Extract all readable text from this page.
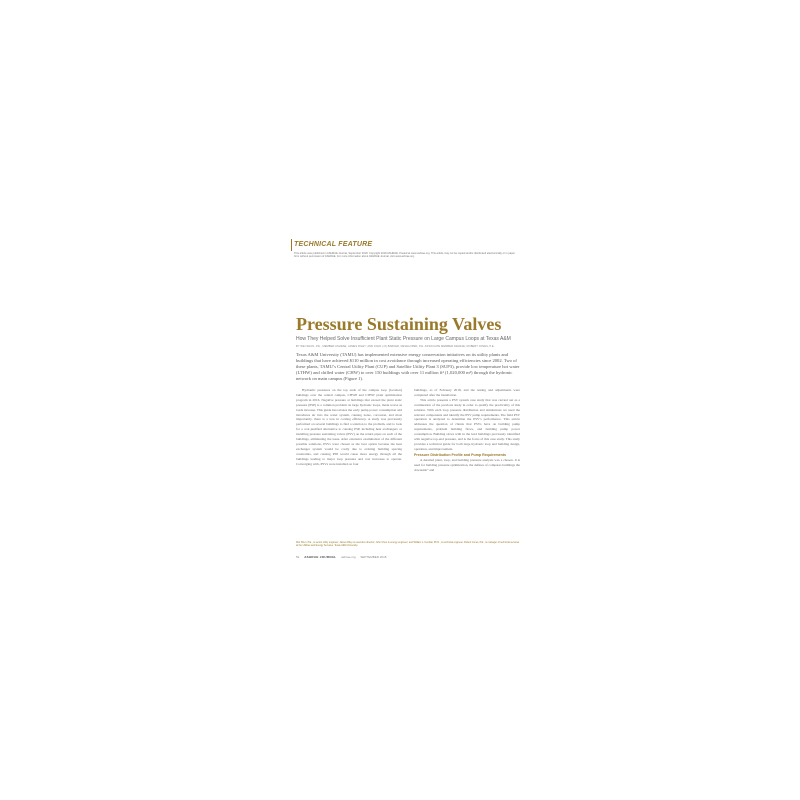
TECHNICAL FEATURE
This article was published in ASHRAE Journal, September 2018. Copyright 2018 ASHRAE. Posted at www.ashrae.org. This article may not be copied and/or distributed electronically or in paper form without permission of ASHRAE. For more information about ASHRAE Journal, visit www.ashrae.org.
Pressure Sustaining Valves
How They Helped Solve Insufficient Plant Static Pressure on Large Campus Loops at Texas A&M
BY WEI SHUN, P.E., MEMBER ASHRAE; JAMES RILEY; AND JOHN (JJ) BARKER, DEVELOPED, P.E. ASSOCIATE MEMBER ASHRAE; ROBERT JONES, P.E.
Texas A&M University (TAMU) has implemented extensive energy conservation initiatives on its utility plants and buildings that have achieved $110 million in cost avoidance through increased operating efficiencies since 2002. Two of these plants, TAMU’s Central Utility Plant (CUP) and Satellite Utility Plant 3 (SUP3), provide low temperature hot water (LTHW) and chilled water (CHW) to over 150 buildings with over 11 million ft² (1,020,000 m²) through the hydronic network on main campus (Figure 1).

Hydraulic pressures on the top ends of the campus loop (location) buildings over the central campus, CHWP and LTHW plant optimization program in 2016. Negative pressure at buildings that exceed the plant static pressure (PSP) is a common problem on large hydronic loops, made worse as loads increase. This guide has relaxes the early pump power consumption and introduces air into the water system, causing noise, corrosion, and most importantly, there is a loss in cooling efficiency. A study was previously performed on several buildings to find a solution to the problem, and to look for a cost-justified alternative to causing PSP, including heat exchangers or installing pressure sustaining valves (PSV) on the return pipes on each of the buildings, eliminating the issue. After extensive examination of the different possible solutions, PSVs were chosen as the best option because the heat exchanger system would be costly due to existing building spacing constraints, and causing PSP would cause more energy through all the buildings leading to major loop pressure and cost increases to operate. Converging with, PSVs were installed on four

buildings, as of February 2018, and the testing and adjustments were completed after the installation.

This article presents a PSV system case study that was carried out as a continuation of the previous study in order to qualify the practicality of this solution. With each loop pressure distribution and simulations we used the relevant components and identify the PSV pump requirements. The field PSV operation is analyzed to determine the PSV’s performance. This article addresses the question of clients that PSVs have on building pump requirements, problem building flows, and building pump power consumption. Building slows with in the lead buildings previously identified with negative top-end pressure, and is the focus of this case study. This study provides a technical guide for both large hydronic loop and building design, operation, and improvement.

Pressure Distribution Profile and Pump Requirements

A detailed plant, loop, and building pressure analysis was a chosen. It is used for building pressure optimization, the defines of compares buildings the downside” and

Wei Shun, P.E., is senior utility engineer; James Riley is executive director; John Chen is energy engineer; and William L. Kendall, Ph.D., is technical engineer. Robert Jones, P.E., is manager of technical services at the Utilities and Energy Services, Texas A&M University.
52 ASHRAE JOURNAL ashrae.org SEPTEMBER 2018
